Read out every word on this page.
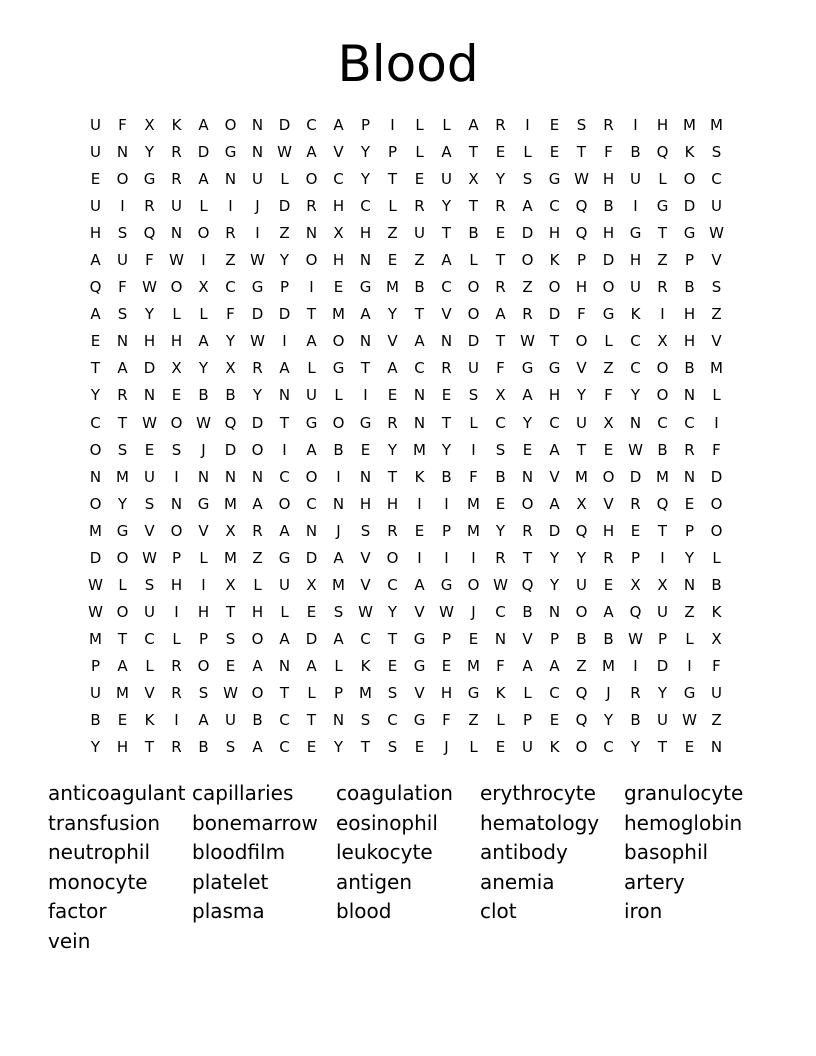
Blood
U	F	X	K	A	O	N	D	C	A	P	I	L	L	A	R	I	E	S	R	I	H M M
U	N	Y	R	D	G	N W A	V	Y	P	L	A	T	E	L	E	T	F	B	Q	K	S
E	O	G	R	A	N	U	L	O	C	Y	T	E	U	X	Y	S	G W H	U	L	O	C
U	I	R	U	L	I	J	D	R	H	C	L	R	Y	T	R	A	C	Q	B	I	G	D	U
H	S	Q	N	O	R	I	Z	N	X	H	Z	U	T	B	E	D	H	Q	H	G	T	G W
A	U	F	W	I	Z W Y	O	H	N	E	Z	A	L	T	O	K	P	D	H	Z	P	V
Q	F	W O	X	C	G	P	I	E	G M	B	C	O	R	Z	O	H	O	U	R	B	S
A	S	Y	L	L	F	D	D	T	M	A	Y	T	V	O	A	R	D	F	G	K	I	H	Z
E	N	H	H	A	Y	W	I	A	O	N	V	A	N	D	T	W T	O	L	C	X	H	V
T	A	D	X	Y	X	R	A	L	G	T	A	C	R	U	F	G	G	V	Z	C	O	B	M
Y	R	N	E	B	B	Y	N	U	L	I	E	N	E	S	X	A	H	Y	F	Y	O	N	L
C	T	W O W Q	D	T	G	O	G	R	N	T	L	C	Y	C	U	X	N	C	C	I
O	S	E	S	J	D	O	I	A	B	E	Y	M	Y	I	S	E	A	T	E W B	R	F
N M	U	I	N	N	N	C	O	I	N	T	K	B	F	B	N	V	M O	D M N	D
O	Y	S	N	G M	A	O	C	N	H	H	I	I	M	E	O	A	X	V	R	Q	E	O
M G	V	O	V	X	R	A	N	J	S	R	E	P	M	Y	R	D	Q	H	E	T	P	O
D	O W	P	L	M	Z	G	D	A	V	O	I	I	I	R	T	Y	Y	R	P	I	Y	L
W	L	S	H	I	X	L	U	X	M	V	C	A	G	O W Q	Y	U	E	X	X	N	B
W O	U	I	H	T	H	L	E	S W Y	V W	J	C	B	N	O	A	Q	U	Z	K
M	T	C	L	P	S	O	A	D	A	C	T	G	P	E	N	V	P	B	B W	P	L	X
P	A	L	R	O	E	A	N	A	L	K	E	G	E	M	F	A	A	Z	M	I	D	I	F
U	M	V	R	S W O	T	L	P	M	S	V	H	G	K	L	C	Q	J	R	Y	G	U
B	E	K	I	A	U	B	C	T	N	S	C	G	F	Z	L	P	E	Q	Y	B	U W Z
Y	H	T	R	B	S	A	C	E	Y	T	S	E	J	L	E	U	K	O	C	Y	T	E	N
anticoagulant capillaries	coagulation	erythrocyte	granulocyte
transfusion	bonemarrow eosinophil	hematology	hemoglobin
neutrophil	bloodfilm	leukocyte	antibody	basophil
monocyte	platelet	antigen	anemia	artery
factor	plasma	blood	clot	iron
vein
